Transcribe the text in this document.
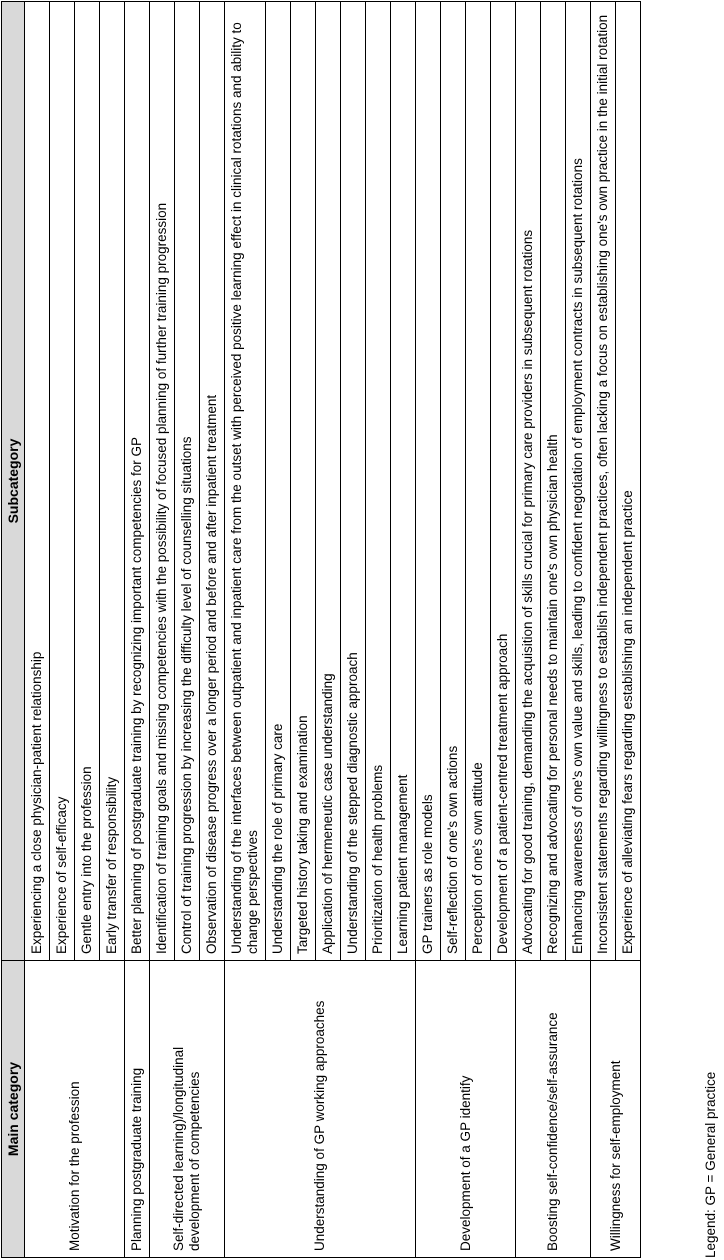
Main category	Subcategory
Motivation for the profession	Experiencing a close physician-patient relationship
	Experience of self-efficacy
	Gentle entry into the profession
	Early transfer of responsibility
Planning postgraduate training	Better planning of postgraduate training by recognizing important competencies for GP
Self-directed learning)/longitudinal development of competencies	Identification of training goals and missing competencies with the possibility of focused planning of further training progression
	Control of training progression by increasing the difficulty level of counselling situations
	Observation of disease progress over a longer period and before and after inpatient treatment
Understanding of GP working approaches	Understanding of the interfaces between outpatient and inpatient care from the outset with perceived positive learning effect in clinical rotations and ability to change perspectives
	Understanding the role of primary care
	Targeted history taking and examination
	Application of hermeneutic case understanding
	Understanding of the stepped diagnostic approach
	Prioritization of health problems
	Learning patient management
Development of a GP identify	GP trainers as role models
	Self-reflection of one's own actions
	Perception of one's own attitude
	Development of a patient-centred treatment approach
Boosting self-confidence/self-assurance	Advocating for good training, demanding the acquisition of skills crucial for primary care providers in subsequent rotations
	Recognizing and advocating for personal needs to maintain one's own physician health
	Enhancing awareness of one's own value and skills, leading to confident negotiation of employment contracts in subsequent rotations
Willingness for self-employment	Inconsistent statements regarding willingness to establish independent practices, often lacking a focus on establishing one's own practice in the initial rotation
	Experience of alleviating fears regarding establishing an independent practice
Legend: GP = General practice
